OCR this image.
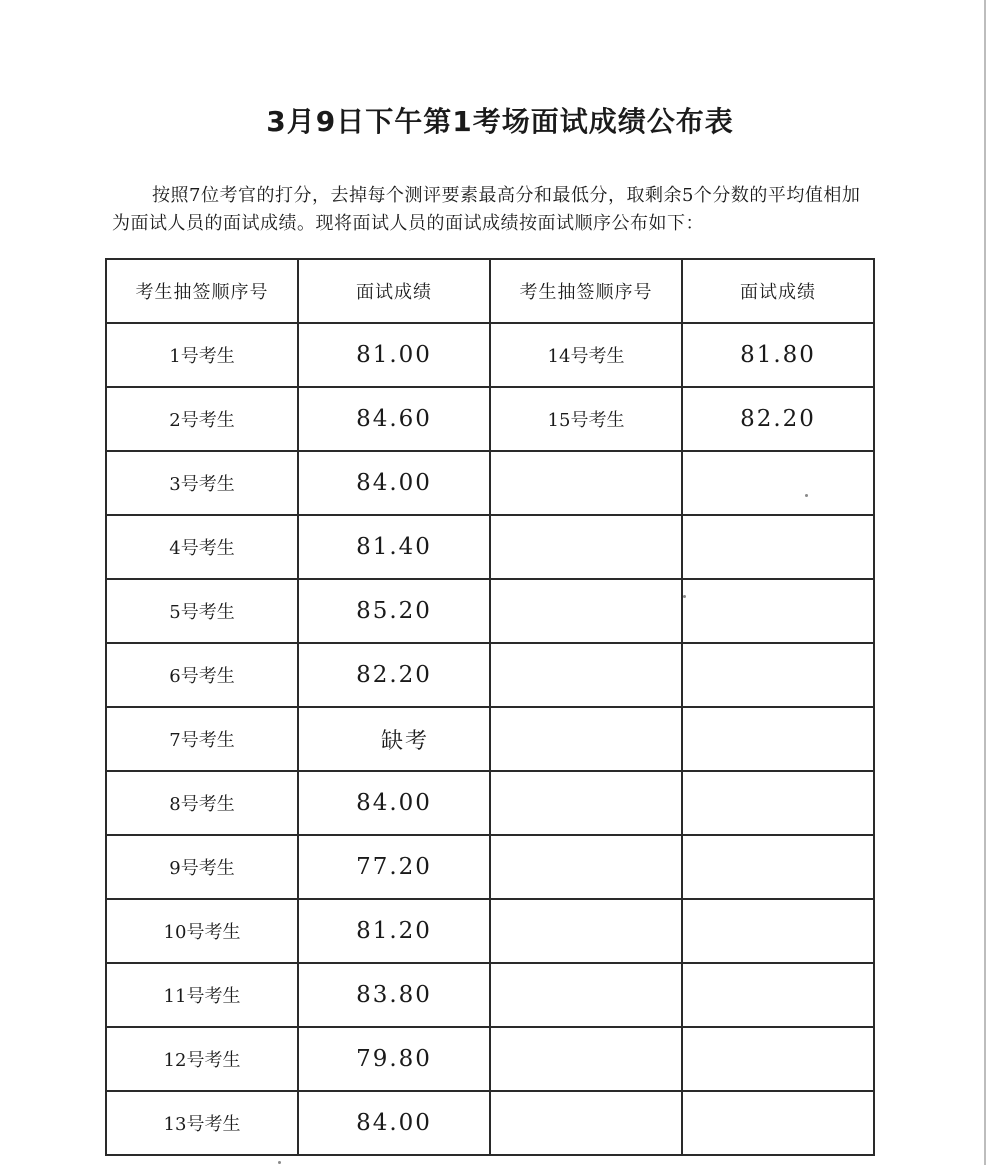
3月9日下午第1考场面试成绩公布表
按照7位考官的打分，去掉每个测评要素最高分和最低分，取剩余5个分数的平均值相加为面试人员的面试成绩。现将面试人员的面试成绩按面试顺序公布如下：
考生抽签顺序号	面试成绩	考生抽签顺序号	面试成绩
1号考生	81.00	14号考生	81.80
2号考生	84.60	15号考生	82.20
3号考生	84.00		
4号考生	81.40		
5号考生	85.20		
6号考生	82.20		
7号考生	缺考		
8号考生	84.00		
9号考生	77.20		
10号考生	81.20		
11号考生	83.80		
12号考生	79.80		
13号考生	84.00		
